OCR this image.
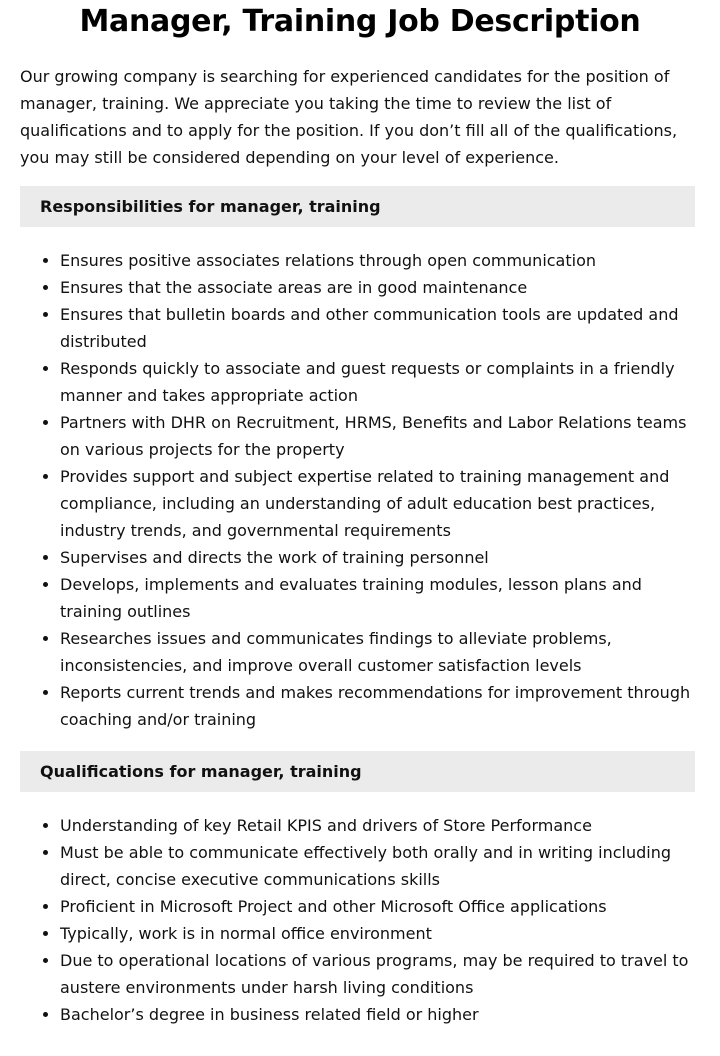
Manager, Training Job Description

Our growing company is searching for experienced candidates for the position of manager, training. We appreciate you taking the time to review the list of qualifications and to apply for the position. If you don’t fill all of the qualifications, you may still be considered depending on your level of experience.

Responsibilities for manager, training
• Ensures positive associates relations through open communication
• Ensures that the associate areas are in good maintenance
• Ensures that bulletin boards and other communication tools are updated and distributed
• Responds quickly to associate and guest requests or complaints in a friendly manner and takes appropriate action
• Partners with DHR on Recruitment, HRMS, Benefits and Labor Relations teams on various projects for the property
• Provides support and subject expertise related to training management and compliance, including an understanding of adult education best practices, industry trends, and governmental requirements
• Supervises and directs the work of training personnel
• Develops, implements and evaluates training modules, lesson plans and training outlines
• Researches issues and communicates findings to alleviate problems, inconsistencies, and improve overall customer satisfaction levels
• Reports current trends and makes recommendations for improvement through coaching and/or training
Qualifications for manager, training
• Understanding of key Retail KPIS and drivers of Store Performance
• Must be able to communicate effectively both orally and in writing including direct, concise executive communications skills
• Proficient in Microsoft Project and other Microsoft Office applications
• Typically, work is in normal office environment
• Due to operational locations of various programs, may be required to travel to austere environments under harsh living conditions
• Bachelor’s degree in business related field or higher
